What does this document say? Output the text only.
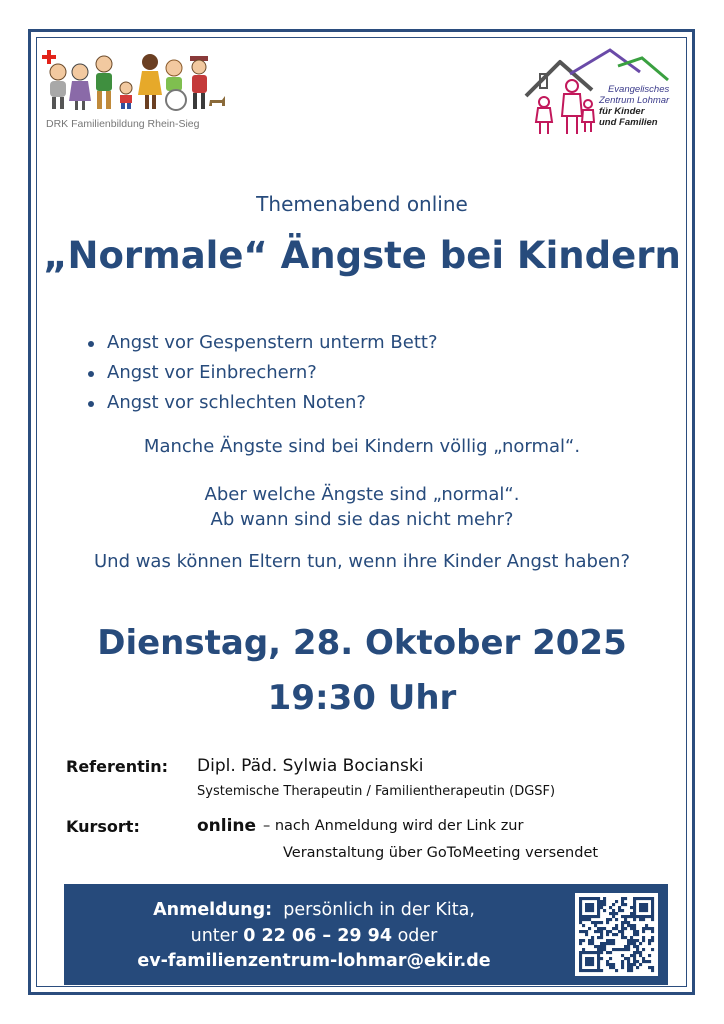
DRK Familienbildung Rhein-Sieg
Evangelisches
Zentrum Lohmar
für Kinder
und Familien
Themenabend online
„Normale“ Ängste bei Kindern
Angst vor Gespenstern unterm Bett?
Angst vor Einbrechern?
Angst vor schlechten Noten?
Manche Ängste sind bei Kindern völlig „normal“.
Aber welche Ängste sind „normal“.
Ab wann sind sie das nicht mehr?
Und was können Eltern tun, wenn ihre Kinder Angst haben?
Dienstag, 28. Oktober 2025
19:30 Uhr
Referentin: Dipl. Päd. Sylwia Bocianski
Systemische Therapeutin / Familientherapeutin (DGSF)
Kursort:	online – nach Anmeldung wird der Link zur
Veranstaltung über GoToMeeting versendet
Anmeldung: persönlich in der Kita,
unter 0 22 06 – 29 94 oder
ev-familienzentrum-lohmar@ekir.de
